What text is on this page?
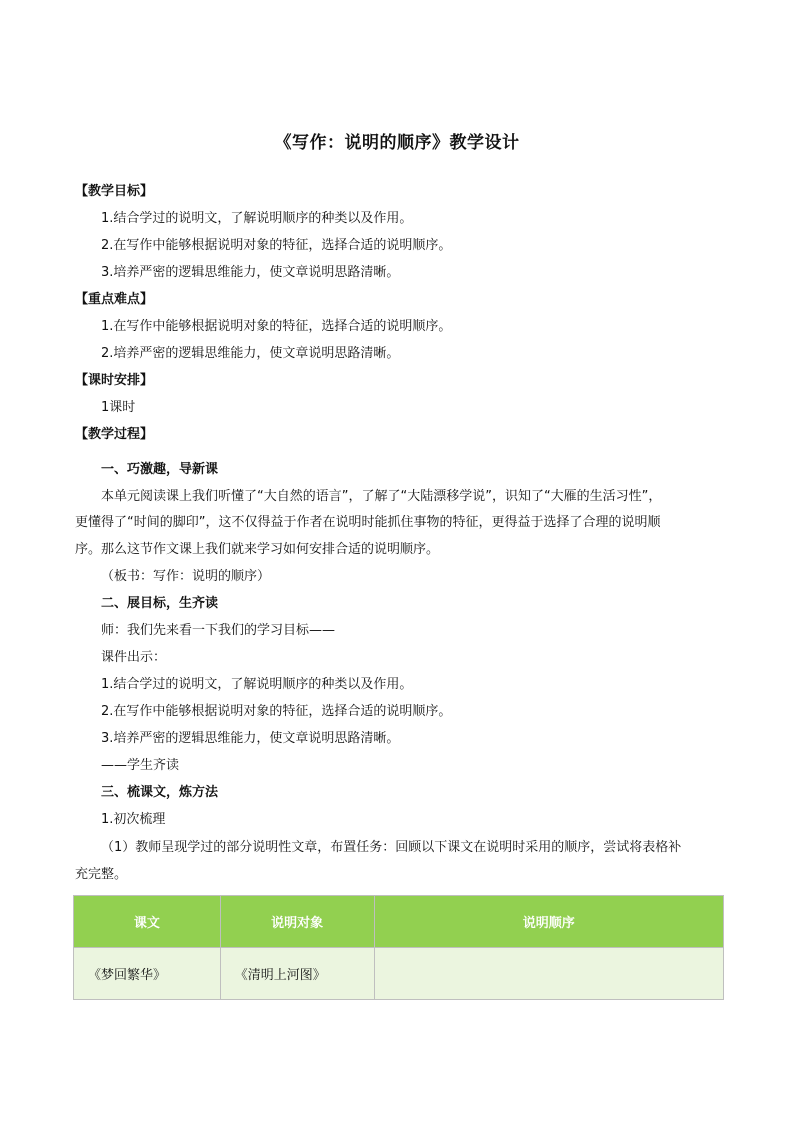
《写作：说明的顺序》教学设计
【教学目标】
1.结合学过的说明文，了解说明顺序的种类以及作用。
2.在写作中能够根据说明对象的特征，选择合适的说明顺序。
3.培养严密的逻辑思维能力，使文章说明思路清晰。
【重点难点】
1.在写作中能够根据说明对象的特征，选择合适的说明顺序。
2.培养严密的逻辑思维能力，使文章说明思路清晰。
【课时安排】
1课时
【教学过程】
一、巧激趣，导新课
本单元阅读课上我们听懂了“大自然的语言”，了解了“大陆漂移学说”，识知了“大雁的生活习性”，
更懂得了“时间的脚印”，这不仅得益于作者在说明时能抓住事物的特征，更得益于选择了合理的说明顺
序。那么这节作文课上我们就来学习如何安排合适的说明顺序。
（板书：写作：说明的顺序）
二、展目标，生齐读
师：我们先来看一下我们的学习目标——
课件出示：
1.结合学过的说明文，了解说明顺序的种类以及作用。
2.在写作中能够根据说明对象的特征，选择合适的说明顺序。
3.培养严密的逻辑思维能力，使文章说明思路清晰。
——学生齐读
三、梳课文，炼方法
1.初次梳理
（1）教师呈现学过的部分说明性文章，布置任务：回顾以下课文在说明时采用的顺序，尝试将表格补
充完整。
课文	说明对象	说明顺序
《梦回繁华》	《清明上河图》	
